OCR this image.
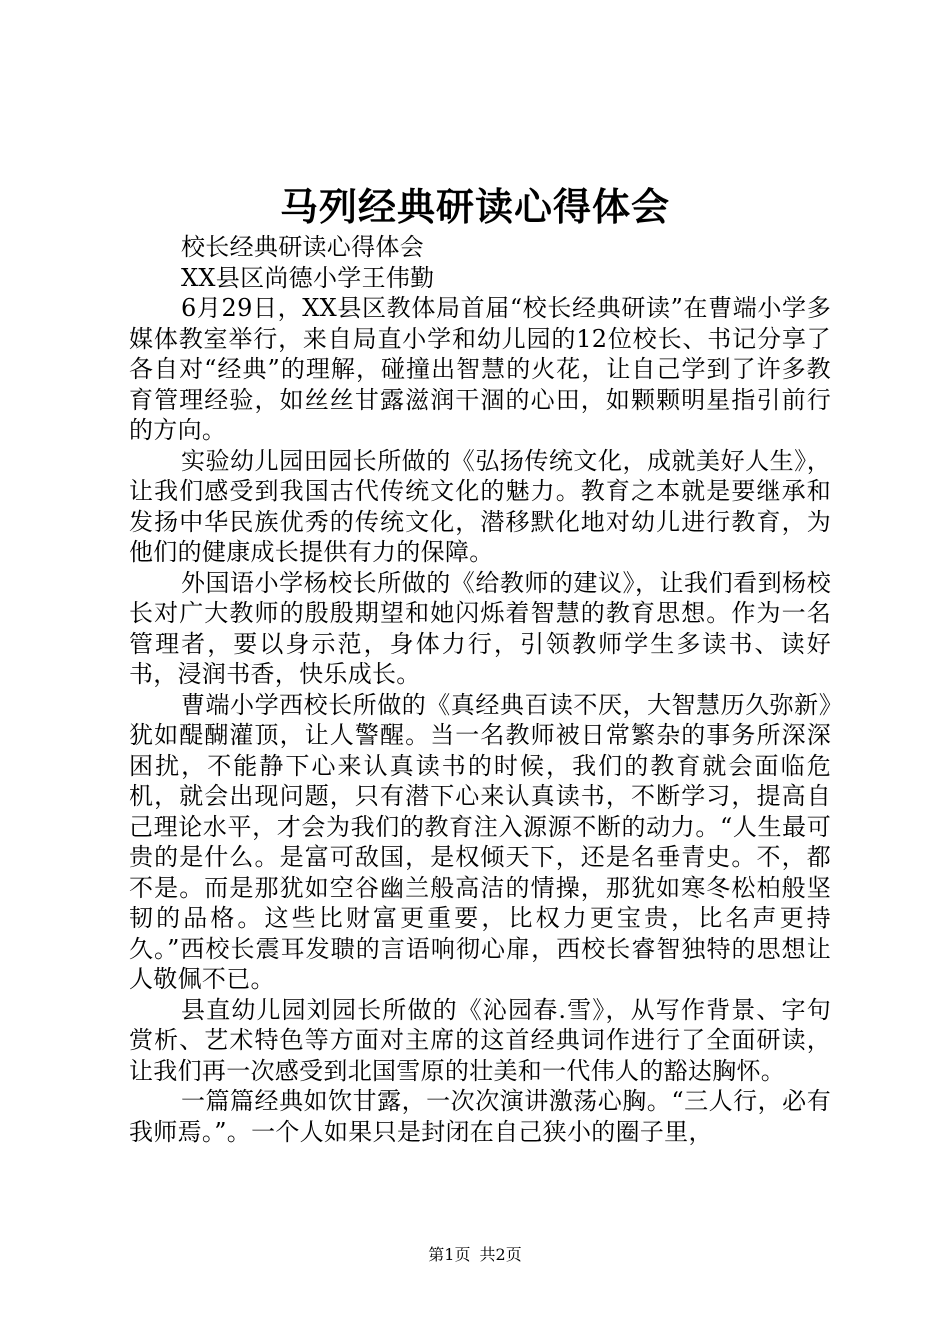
马列经典研读心得体会

校长经典研读心得体会

XX县区尚德小学王伟勤

6月29日，XX县区教体局首届“校长经典研读”在曹端小学多媒体教室举行，来自局直小学和幼儿园的12位校长、书记分享了各自对“经典”的理解，碰撞出智慧的火花，让自己学到了许多教育管理经验，如丝丝甘露滋润干涸的心田，如颗颗明星指引前行的方向。

实验幼儿园田园长所做的《弘扬传统文化，成就美好人生》，让我们感受到我国古代传统文化的魅力。教育之本就是要继承和发扬中华民族优秀的传统文化，潜移默化地对幼儿进行教育，为他们的健康成长提供有力的保障。

外国语小学杨校长所做的《给教师的建议》，让我们看到杨校长对广大教师的殷殷期望和她闪烁着智慧的教育思想。作为一名管理者，要以身示范，身体力行，引领教师学生多读书、读好书，浸润书香，快乐成长。

曹端小学西校长所做的《真经典百读不厌，大智慧历久弥新》犹如醍醐灌顶，让人警醒。当一名教师被日常繁杂的事务所深深困扰，不能静下心来认真读书的时候，我们的教育就会面临危机，就会出现问题，只有潜下心来认真读书，不断学习，提高自己理论水平，才会为我们的教育注入源源不断的动力。“人生最可贵的是什么。是富可敌国，是权倾天下，还是名垂青史。不，都不是。而是那犹如空谷幽兰般高洁的情操，那犹如寒冬松柏般坚韧的品格。这些比财富更重要，比权力更宝贵，比名声更持久。”西校长震耳发聩的言语响彻心扉，西校长睿智独特的思想让人敬佩不已。

县直幼儿园刘园长所做的《沁园春.雪》，从写作背景、字句赏析、艺术特色等方面对主席的这首经典词作进行了全面研读，让我们再一次感受到北国雪原的壮美和一代伟人的豁达胸怀。

一篇篇经典如饮甘露，一次次演讲激荡心胸。“三人行，必有我师焉。”。一个人如果只是封闭在自己狭小的圈子里，

第1页 共2页
